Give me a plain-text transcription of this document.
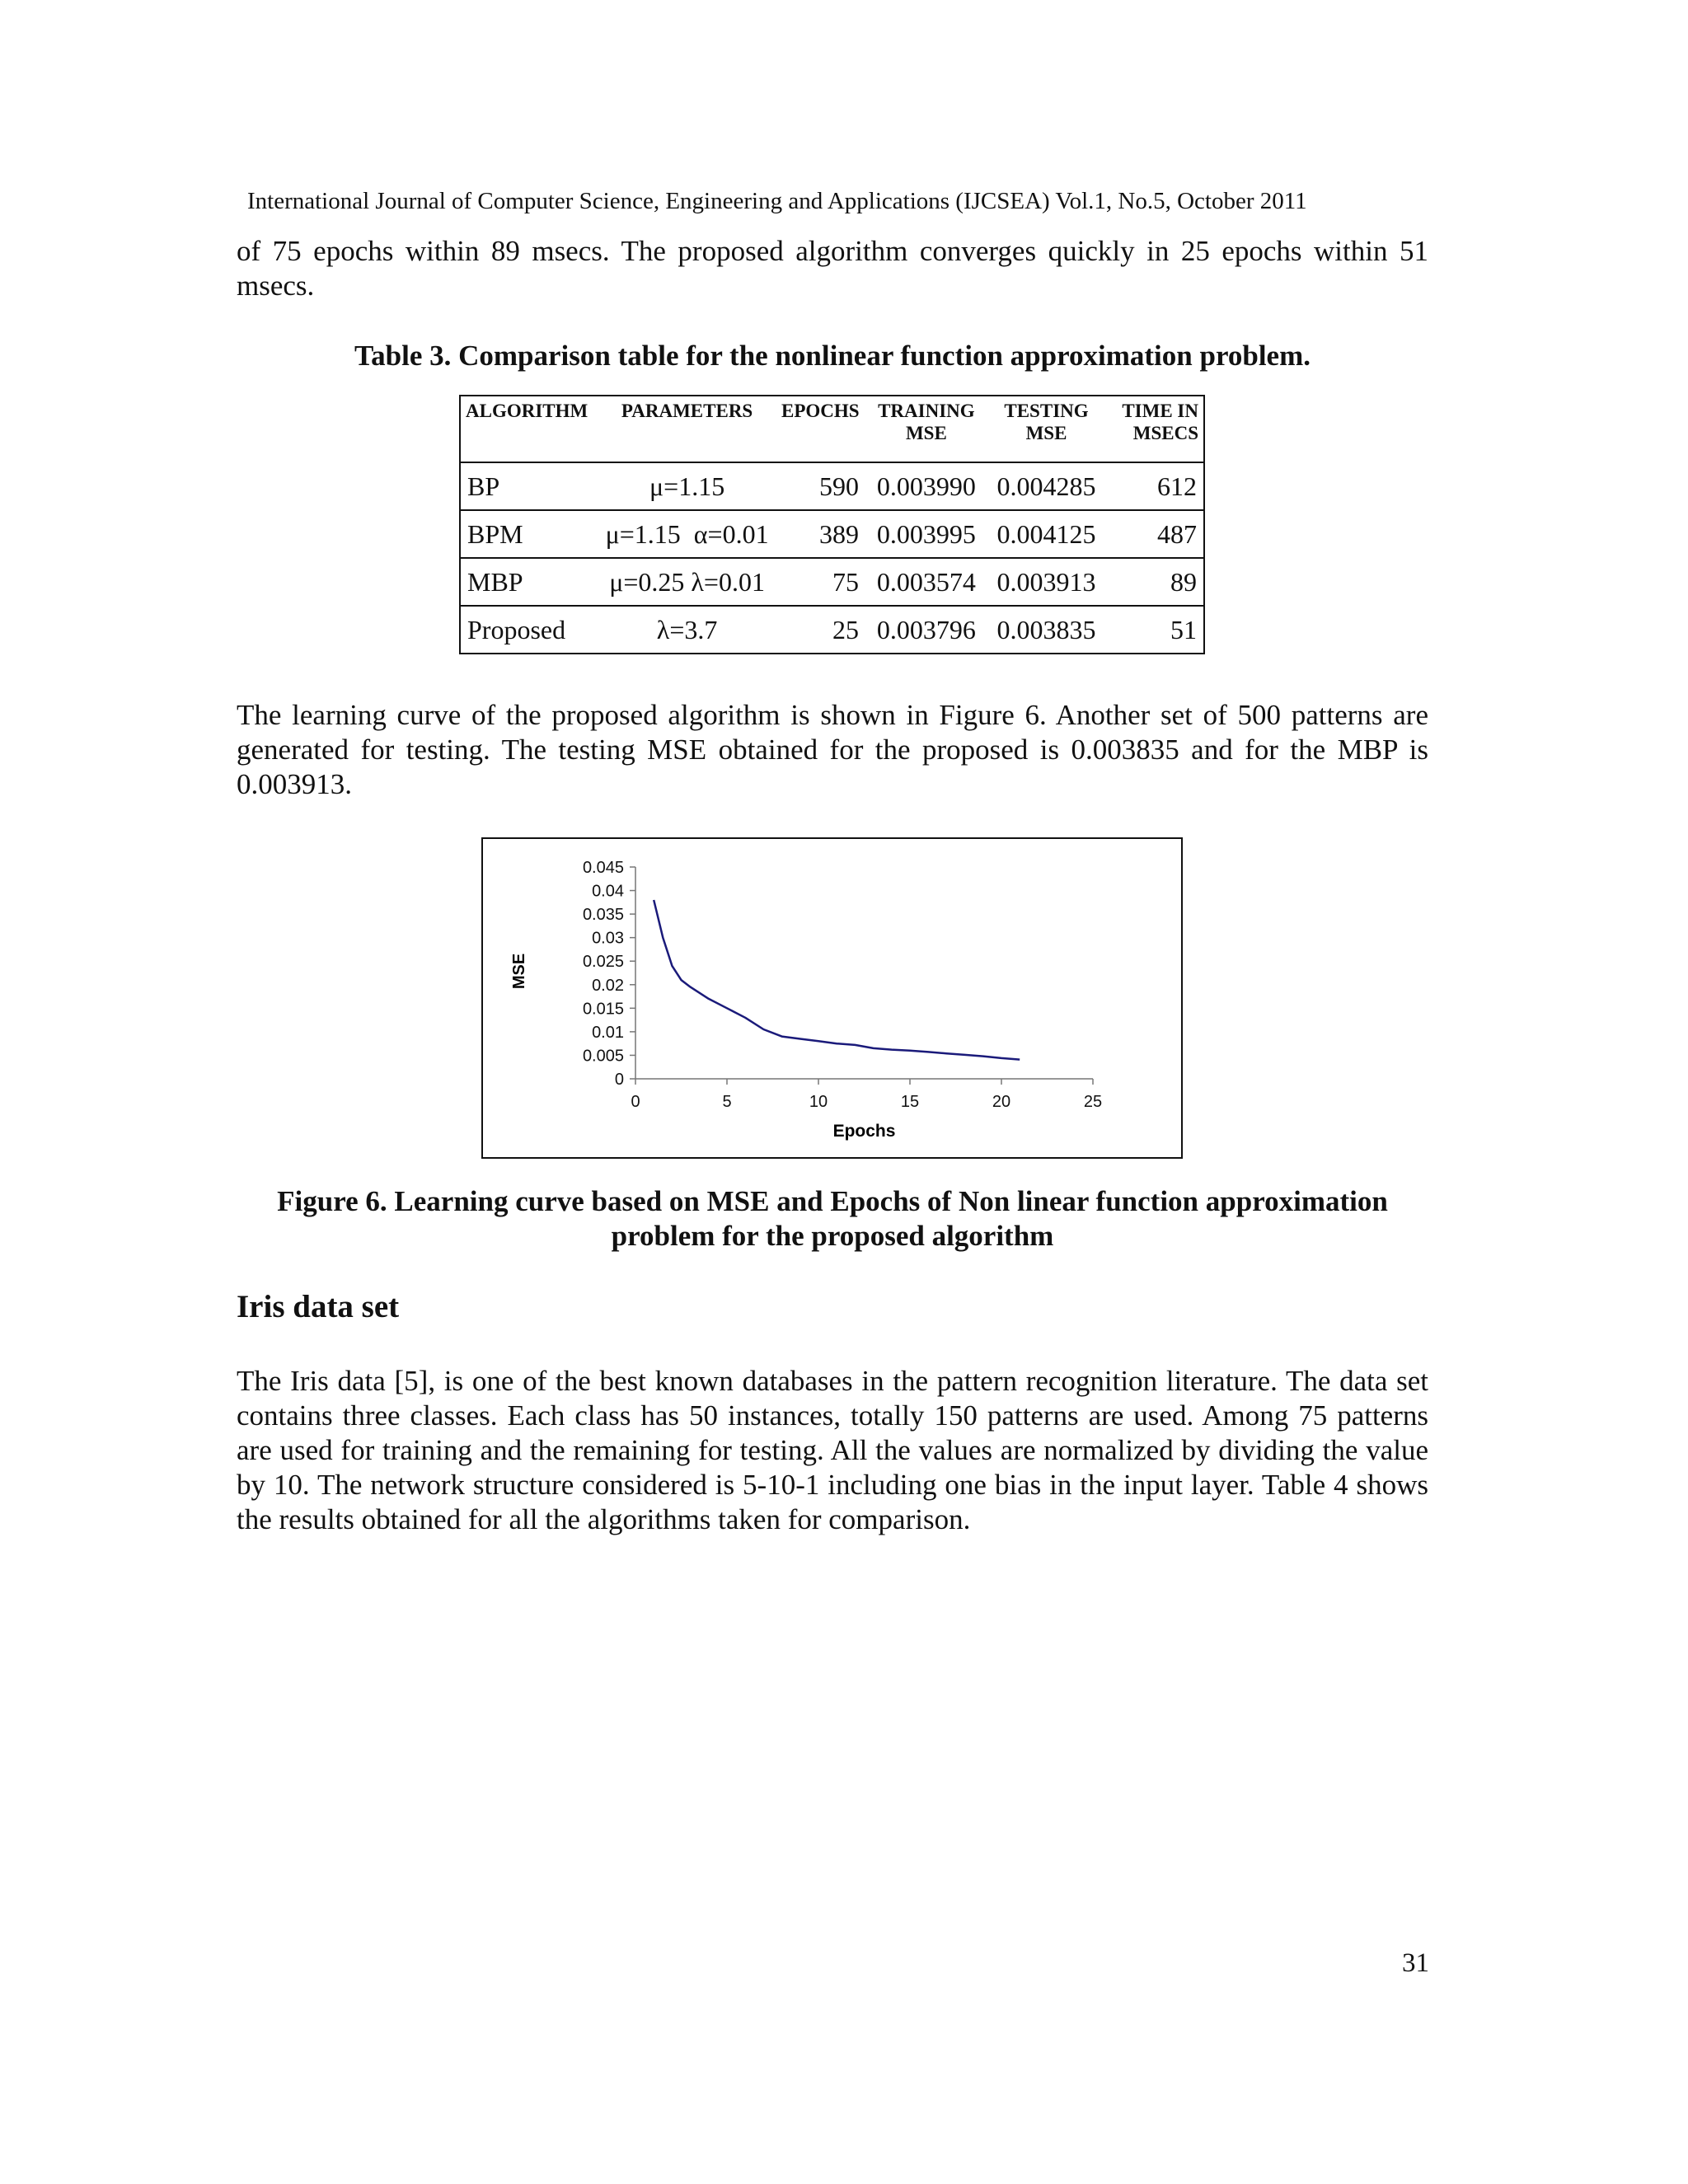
International Journal of Computer Science, Engineering and Applications (IJCSEA) Vol.1, No.5, October 2011

of 75 epochs within 89 msecs. The proposed algorithm converges quickly in 25 epochs within 51 msecs.

Table 3. Comparison table for the nonlinear function approximation problem.

ALGORITHM	PARAMETERS	EPOCHS	TRAINING MSE	TESTING MSE	TIME IN MSECS
BP	μ=1.15	590	0.003990	0.004285	612
BPM	μ=1.15  α=0.01	389	0.003995	0.004125	487
MBP	μ=0.25 λ=0.01	75	0.003574	0.003913	89
Proposed	λ=3.7	25	0.003796	0.003835	51

The learning curve of the proposed algorithm is shown in Figure 6. Another set of 500 patterns are generated for testing. The testing MSE obtained for the proposed is 0.003835 and for the MBP is 0.003913.

0
0.005
0.01
0.015
0.02
0.025
0.03
0.035
0.04
0.045
0	5	10	15	20	25
MSE
Epochs

Figure 6. Learning curve based on MSE and Epochs of Non linear function approximation

problem for the proposed algorithm

Iris data set

The Iris data [5], is one of the best known databases in the pattern recognition literature. The data set contains three classes. Each class has 50 instances, totally 150 patterns are used. Among 75 patterns are used for training and the remaining for testing. All the values are normalized by dividing the value by 10. The network structure considered is 5-10-1 including one bias in the input layer. Table 4 shows the results obtained for all the algorithms taken for comparison.

31
